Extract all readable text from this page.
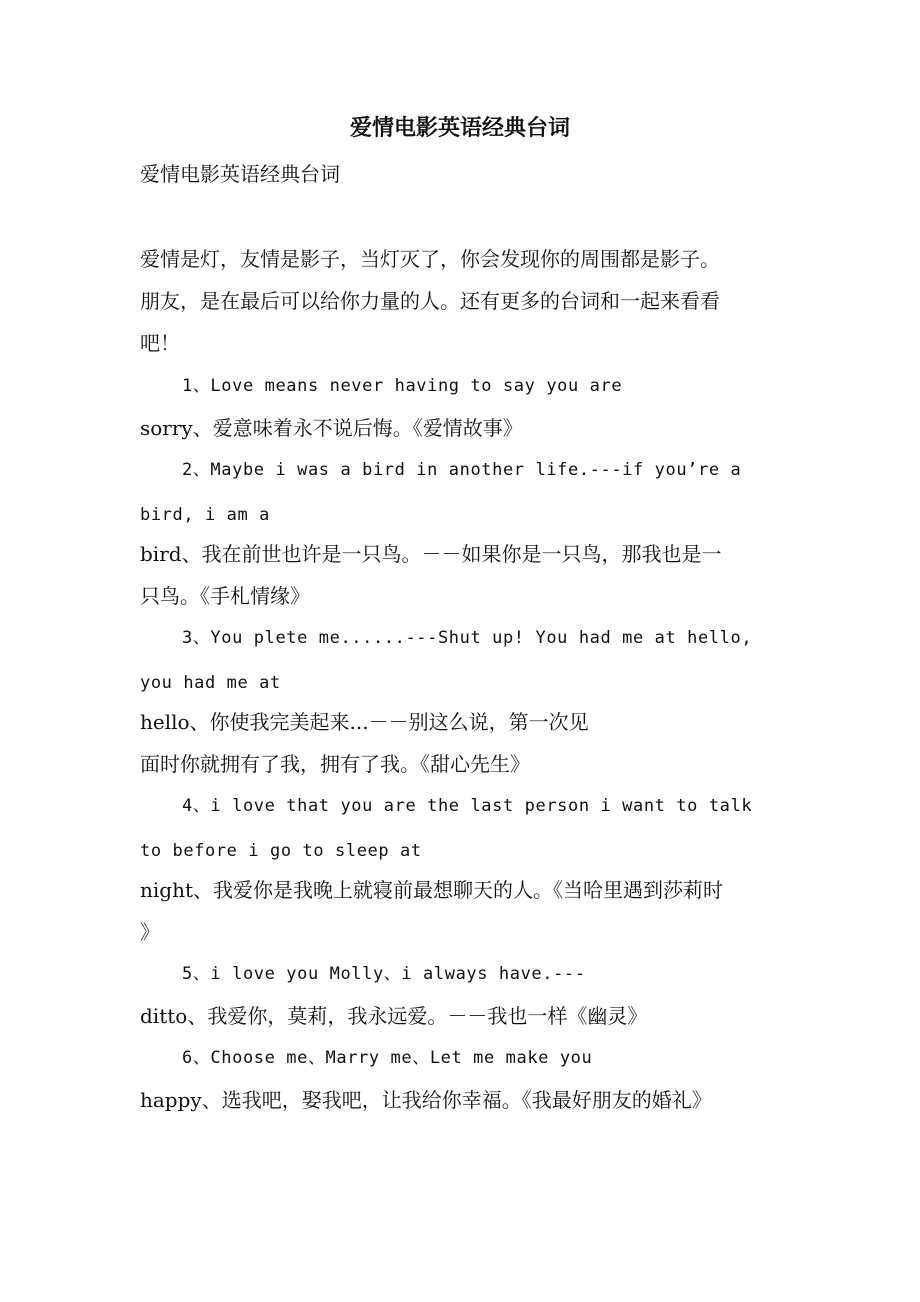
爱情电影英语经典台词
爱情电影英语经典台词
爱情是灯，友情是影子，当灯灭了，你会发现你的周围都是影子。
朋友，是在最后可以给你力量的人。还有更多的台词和一起来看看
吧！
1、Love means never having to say you are
sorry、爱意味着永不说后悔。《爱情故事》
2、Maybe i was a bird in another life.---if you’re a
bird, i am a
bird、我在前世也许是一只鸟。－－如果你是一只鸟，那我也是一
只鸟。《手札情缘》
3、You plete me......---Shut up! You had me at hello,
you had me at
hello、你使我完美起来...－－别这么说，第一次见
面时你就拥有了我，拥有了我。《甜心先生》
4、i love that you are the last person i want to talk
to before i go to sleep at
night、我爱你是我晚上就寝前最想聊天的人。《当哈里遇到莎莉时
》
5、i love you Molly、i always have.---
ditto、我爱你，莫莉，我永远爱。－－我也一样《幽灵》
6、Choose me、Marry me、Let me make you
happy、选我吧，娶我吧，让我给你幸福。《我最好朋友的婚礼》
